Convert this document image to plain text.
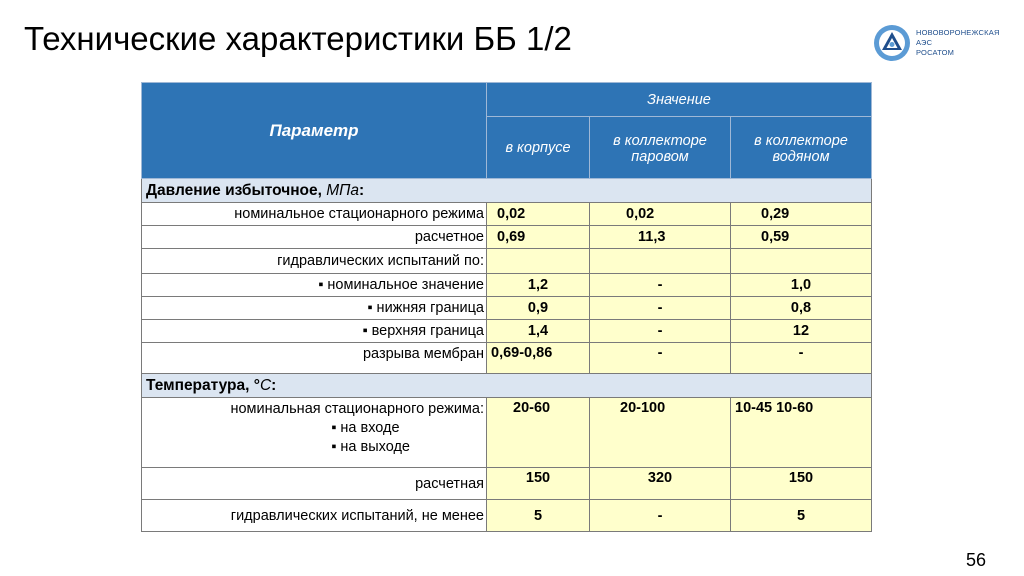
Технические характеристики ББ 1/2	НОВОВОРОНЕЖСКАЯ
АЭС
РОСАТОМ
Параметр	Значение		
	в корпусе	в коллекторе паровом	в коллекторе водяном
Давление избыточное, МПа:			
номинальное стационарного режима	0,02	0,02	0,29
расчетное	0,69	11,3	0,59
гидравлических испытаний по:			
▪ номинальное значение	1,2	-	1,0
▪ нижняя граница	0,9	-	0,8
▪ верхняя граница	1,4	-	12
разрыва мембран	0,69-0,86	-	-
Температура, °С:			

номинальная стационарного режима:
▪ на входе
▪ на выходе	20-60	20-100	10-45 10-60
расчетная	150	320	150
гидравлических испытаний, не менее	5	-	5
56
